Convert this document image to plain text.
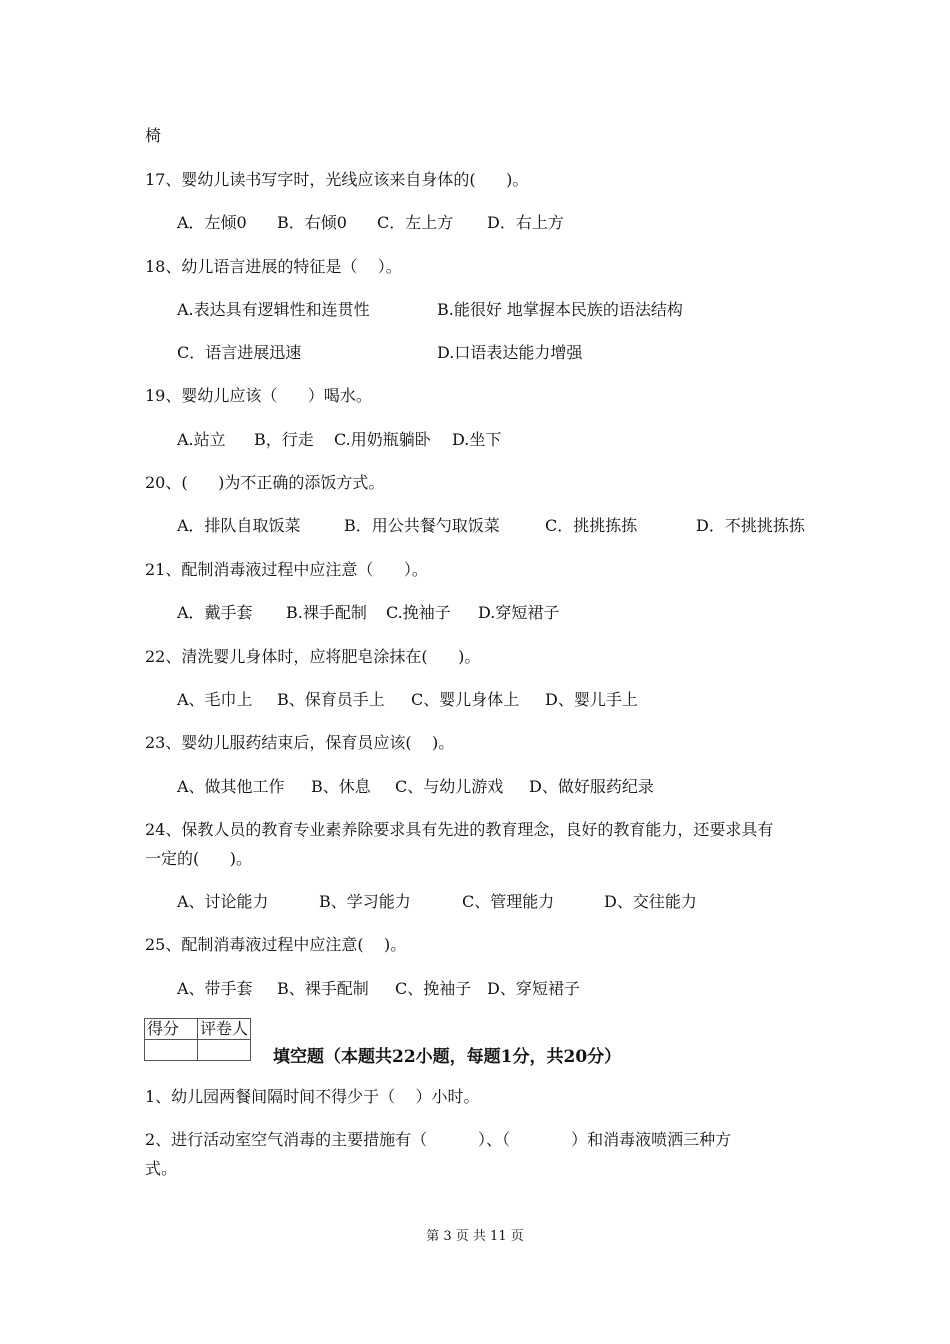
椅
17、婴幼儿读书写字时，光线应该来自身体的(      )。
A．左倾0 B．右倾0 C．左上方 D．右上方
18、幼儿语言进展的特征是（    ）。
A.表达具有逻辑性和连贯性	B.能很好 地掌握本民族的语法结构
C．语言进展迅速	D.口语表达能力增强
19、婴幼儿应该（      ）喝水。
A.站立 B，行走 C.用奶瓶躺卧 D.坐下
20、(      )为不正确的添饭方式。
A．排队自取饭菜	B．用公共餐勺取饭菜	C．挑挑拣拣	D．不挑挑拣拣
21、配制消毒液过程中应注意（      ）。
A．戴手套 B.裸手配制 C.挽袖子 D.穿短裙子
22、清洗婴儿身体时，应将肥皂涂抹在(      )。
A、毛巾上 B、保育员手上 C、婴儿身体上 D、婴儿手上
23、婴幼儿服药结束后，保育员应该(    )。
A、做其他工作 B、休息 C、与幼儿游戏 D、做好服药纪录
24、保教人员的教育专业素养除要求具有先进的教育理念，良好的教育能力，还要求具有
一定的(      )。
A、讨论能力	B、学习能力	C、管理能力	D、交往能力
25、配制消毒液过程中应注意(    )。
A、带手套 B、裸手配制 C、挽袖子 D、穿短裙子
得分	评卷人

填空题（本题共22小题，每题1分，共20分）
1、幼儿园两餐间隔时间不得少于（    ）小时。
2、进行活动室空气消毒的主要措施有（          ）、（            ）和消毒液喷洒三种方
式。
第 3 页 共 11 页
